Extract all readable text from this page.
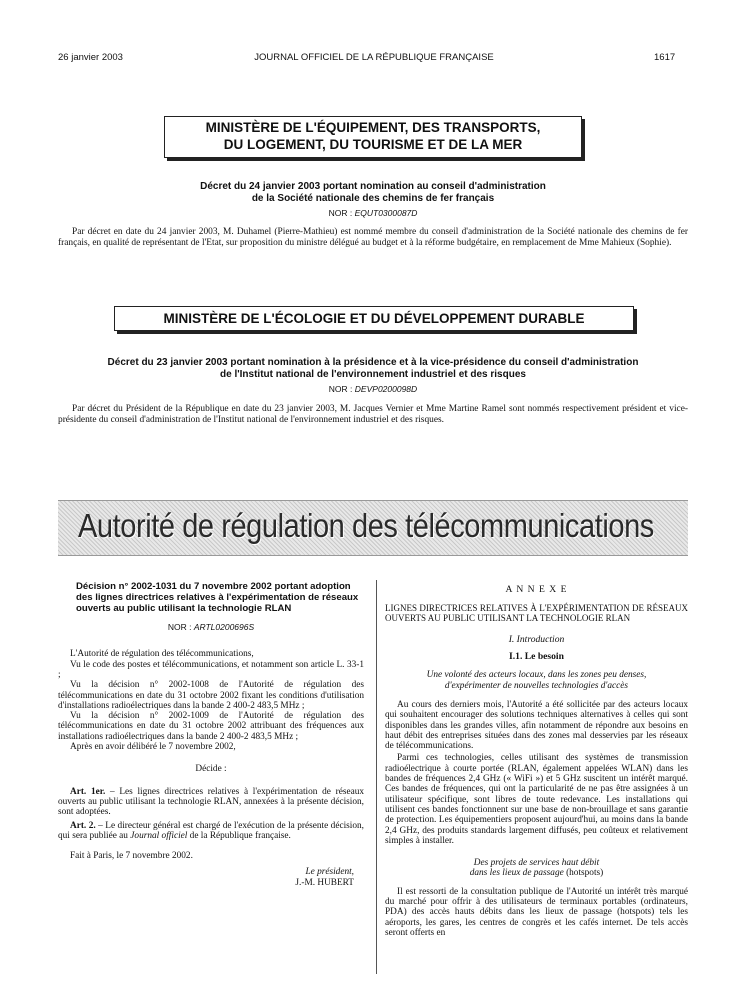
26 janvier 2003	JOURNAL OFFICIEL DE LA RÉPUBLIQUE FRANÇAISE	1617
MINISTÈRE DE L'ÉQUIPEMENT, DES TRANSPORTS,
DU LOGEMENT, DU TOURISME ET DE LA MER
Décret du 24 janvier 2003 portant nomination au conseil d'administration
de la Société nationale des chemins de fer français
NOR : EQUT0300087D

Par décret en date du 24 janvier 2003, M. Duhamel (Pierre-Mathieu) est nommé membre du conseil d'administration de la Société nationale des chemins de fer français, en qualité de représentant de l'Etat, sur proposition du ministre délégué au budget et à la réforme budgétaire, en remplacement de Mme Mahieux (Sophie).

MINISTÈRE DE L'ÉCOLOGIE ET DU DÉVELOPPEMENT DURABLE
Décret du 23 janvier 2003 portant nomination à la présidence et à la vice-présidence du conseil d'administration
de l'Institut national de l'environnement industriel et des risques
NOR : DEVP0200098D

Par décret du Président de la République en date du 23 janvier 2003, M. Jacques Vernier et Mme Martine Ramel sont nommés respectivement président et vice-présidente du conseil d'administration de l'Institut national de l'environnement industriel et des risques.

Autorité de régulation des télécommunications
Décision n° 2002-1031 du 7 novembre 2002 portant adoption des lignes directrices relatives à l'expérimentation de réseaux ouverts au public utilisant la technologie RLAN
NOR : ARTL0200696S

L'Autorité de régulation des télécommunications,

Vu le code des postes et télécommunications, et notamment son article L. 33-1 ;

Vu la décision n° 2002-1008 de l'Autorité de régulation des télécommunications en date du 31 octobre 2002 fixant les conditions d'utilisation d'installations radioélectriques dans la bande 2 400-2 483,5 MHz ;

Vu la décision n° 2002-1009 de l'Autorité de régulation des télécommunications en date du 31 octobre 2002 attribuant des fréquences aux installations radioélectriques dans la bande 2 400-2 483,5 MHz ;

Après en avoir délibéré le 7 novembre 2002,

Décide :

Art. 1er. – Les lignes directrices relatives à l'expérimentation de réseaux ouverts au public utilisant la technologie RLAN, annexées à la présente décision, sont adoptées.

Art. 2. – Le directeur général est chargé de l'exécution de la présente décision, qui sera publiée au Journal officiel de la République française.

Fait à Paris, le 7 novembre 2002.

Le président,
J.-M. HUBERT
A N N E X E
LIGNES DIRECTRICES RELATIVES À L'EXPÉRIMENTATION DE RÉSEAUX OUVERTS AU PUBLIC UTILISANT LA TECHNOLOGIE RLAN
I. Introduction
I.1. Le besoin
Une volonté des acteurs locaux, dans les zones peu denses,
d'expérimenter de nouvelles technologies d'accès

Au cours des derniers mois, l'Autorité a été sollicitée par des acteurs locaux qui souhaitent encourager des solutions techniques alternatives à celles qui sont disponibles dans les grandes villes, afin notamment de répondre aux besoins en haut débit des entreprises situées dans des zones mal desservies par les réseaux de télécommunications.

Parmi ces technologies, celles utilisant des systèmes de transmission radioélectrique à courte portée (RLAN, également appelées WLAN) dans les bandes de fréquences 2,4 GHz (« WiFi ») et 5 GHz suscitent un intérêt marqué. Ces bandes de fréquences, qui ont la particularité de ne pas être assignées à un utilisateur spécifique, sont libres de toute redevance. Les installations qui utilisent ces bandes fonctionnent sur une base de non-brouillage et sans garantie de protection. Les équipementiers proposent aujourd'hui, au moins dans la bande 2,4 GHz, des produits standards largement diffusés, peu coûteux et relativement simples à installer.

Des projets de services haut débit
dans les lieux de passage (hotspots)

Il est ressorti de la consultation publique de l'Autorité un intérêt très marqué du marché pour offrir à des utilisateurs de terminaux portables (ordinateurs, PDA) des accès hauts débits dans les lieux de passage (hotspots) tels les aéroports, les gares, les centres de congrès et les cafés internet. De tels accès seront offerts en
